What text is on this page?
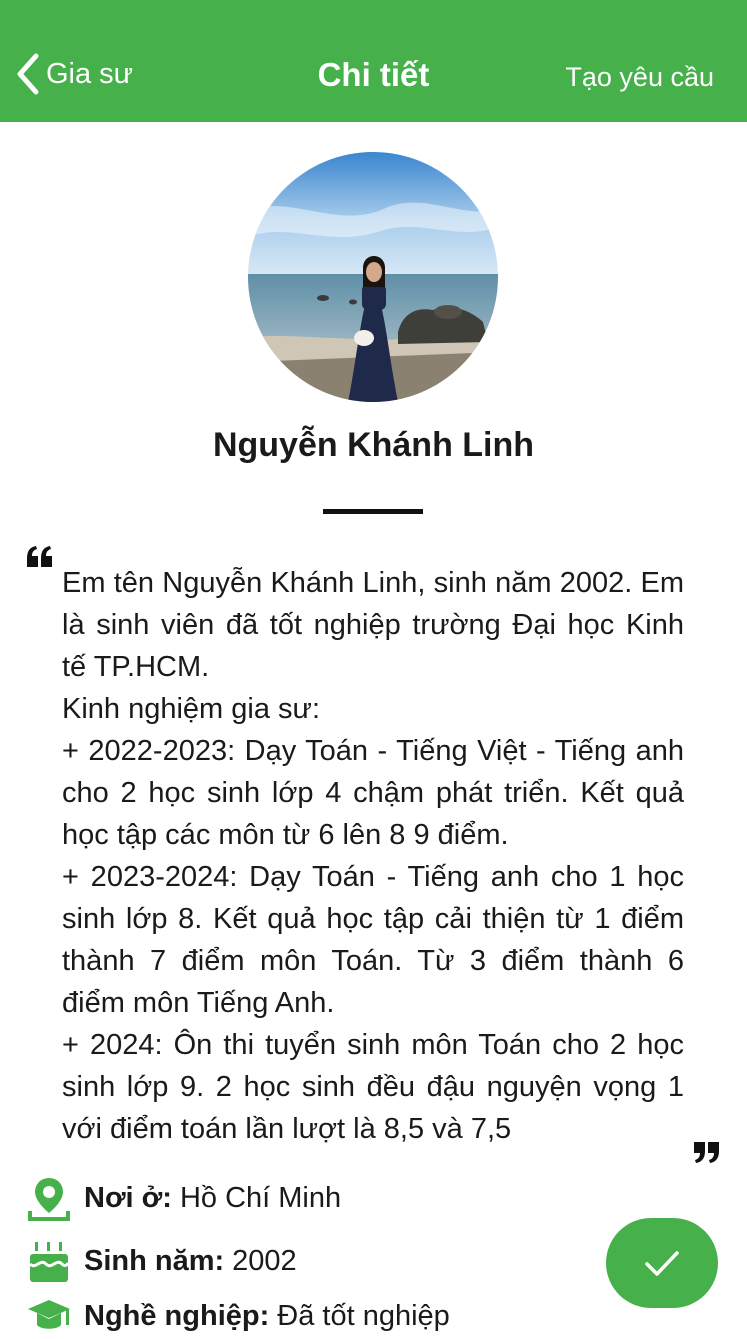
Gia sư	Chi tiết	Tạo yêu cầu
Nguyễn Khánh Linh
Em tên Nguyễn Khánh Linh, sinh năm 2002. Em là sinh viên đã tốt nghiệp trường Đại học Kinh tế TP.HCM.
Kinh nghiệm gia sư:
+ 2022-2023: Dạy Toán - Tiếng Việt - Tiếng anh cho 2 học sinh lớp 4 chậm phát triển. Kết quả học tập các môn từ 6 lên 8 9 điểm.
+ 2023-2024: Dạy Toán - Tiếng anh cho 1 học sinh lớp 8. Kết quả học tập cải thiện từ 1 điểm thành 7 điểm môn Toán. Từ 3 điểm thành 6 điểm môn Tiếng Anh.
+ 2024: Ôn thi tuyển sinh môn Toán cho 2 học sinh lớp 9. 2 học sinh đều đậu nguyện vọng 1 với điểm toán lần lượt là 8,5 và 7,5
Nơi ở: Hồ Chí Minh
Sinh năm: 2002
Nghề nghiệp: Đã tốt nghiệp
